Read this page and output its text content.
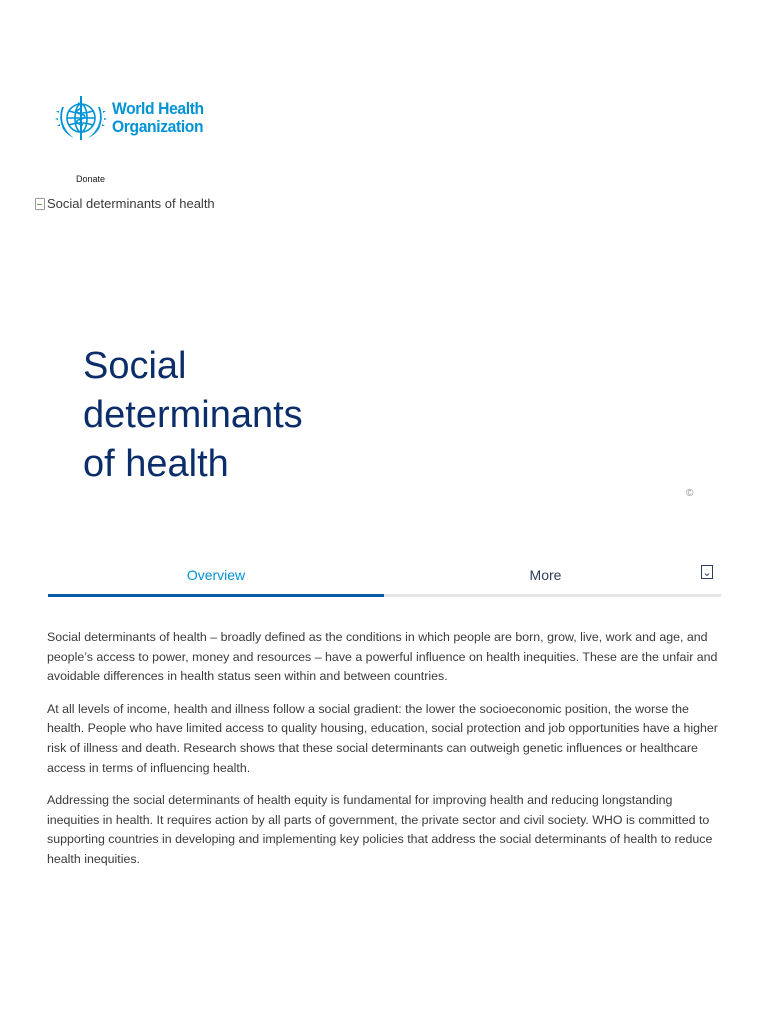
World Health
Organization
Donate
Social determinants of health
Social determinants of health
©
Overview	More	⌄

Social determinants of health – broadly defined as the conditions in which people are born, grow, live, work and age, and people’s access to power, money and resources – have a powerful influence on health inequities. These are the unfair and avoidable differences in health status seen within and between countries.

At all levels of income, health and illness follow a social gradient: the lower the socioeconomic position, the worse the health. People who have limited access to quality housing, education, social protection and job opportunities have a higher risk of illness and death. Research shows that these social determinants can outweigh genetic influences or healthcare access in terms of influencing health.

Addressing the social determinants of health equity is fundamental for improving health and reducing longstanding inequities in health. It requires action by all parts of government, the private sector and civil society. WHO is committed to supporting countries in developing and implementing key policies that address the social determinants of health to reduce health inequities.
